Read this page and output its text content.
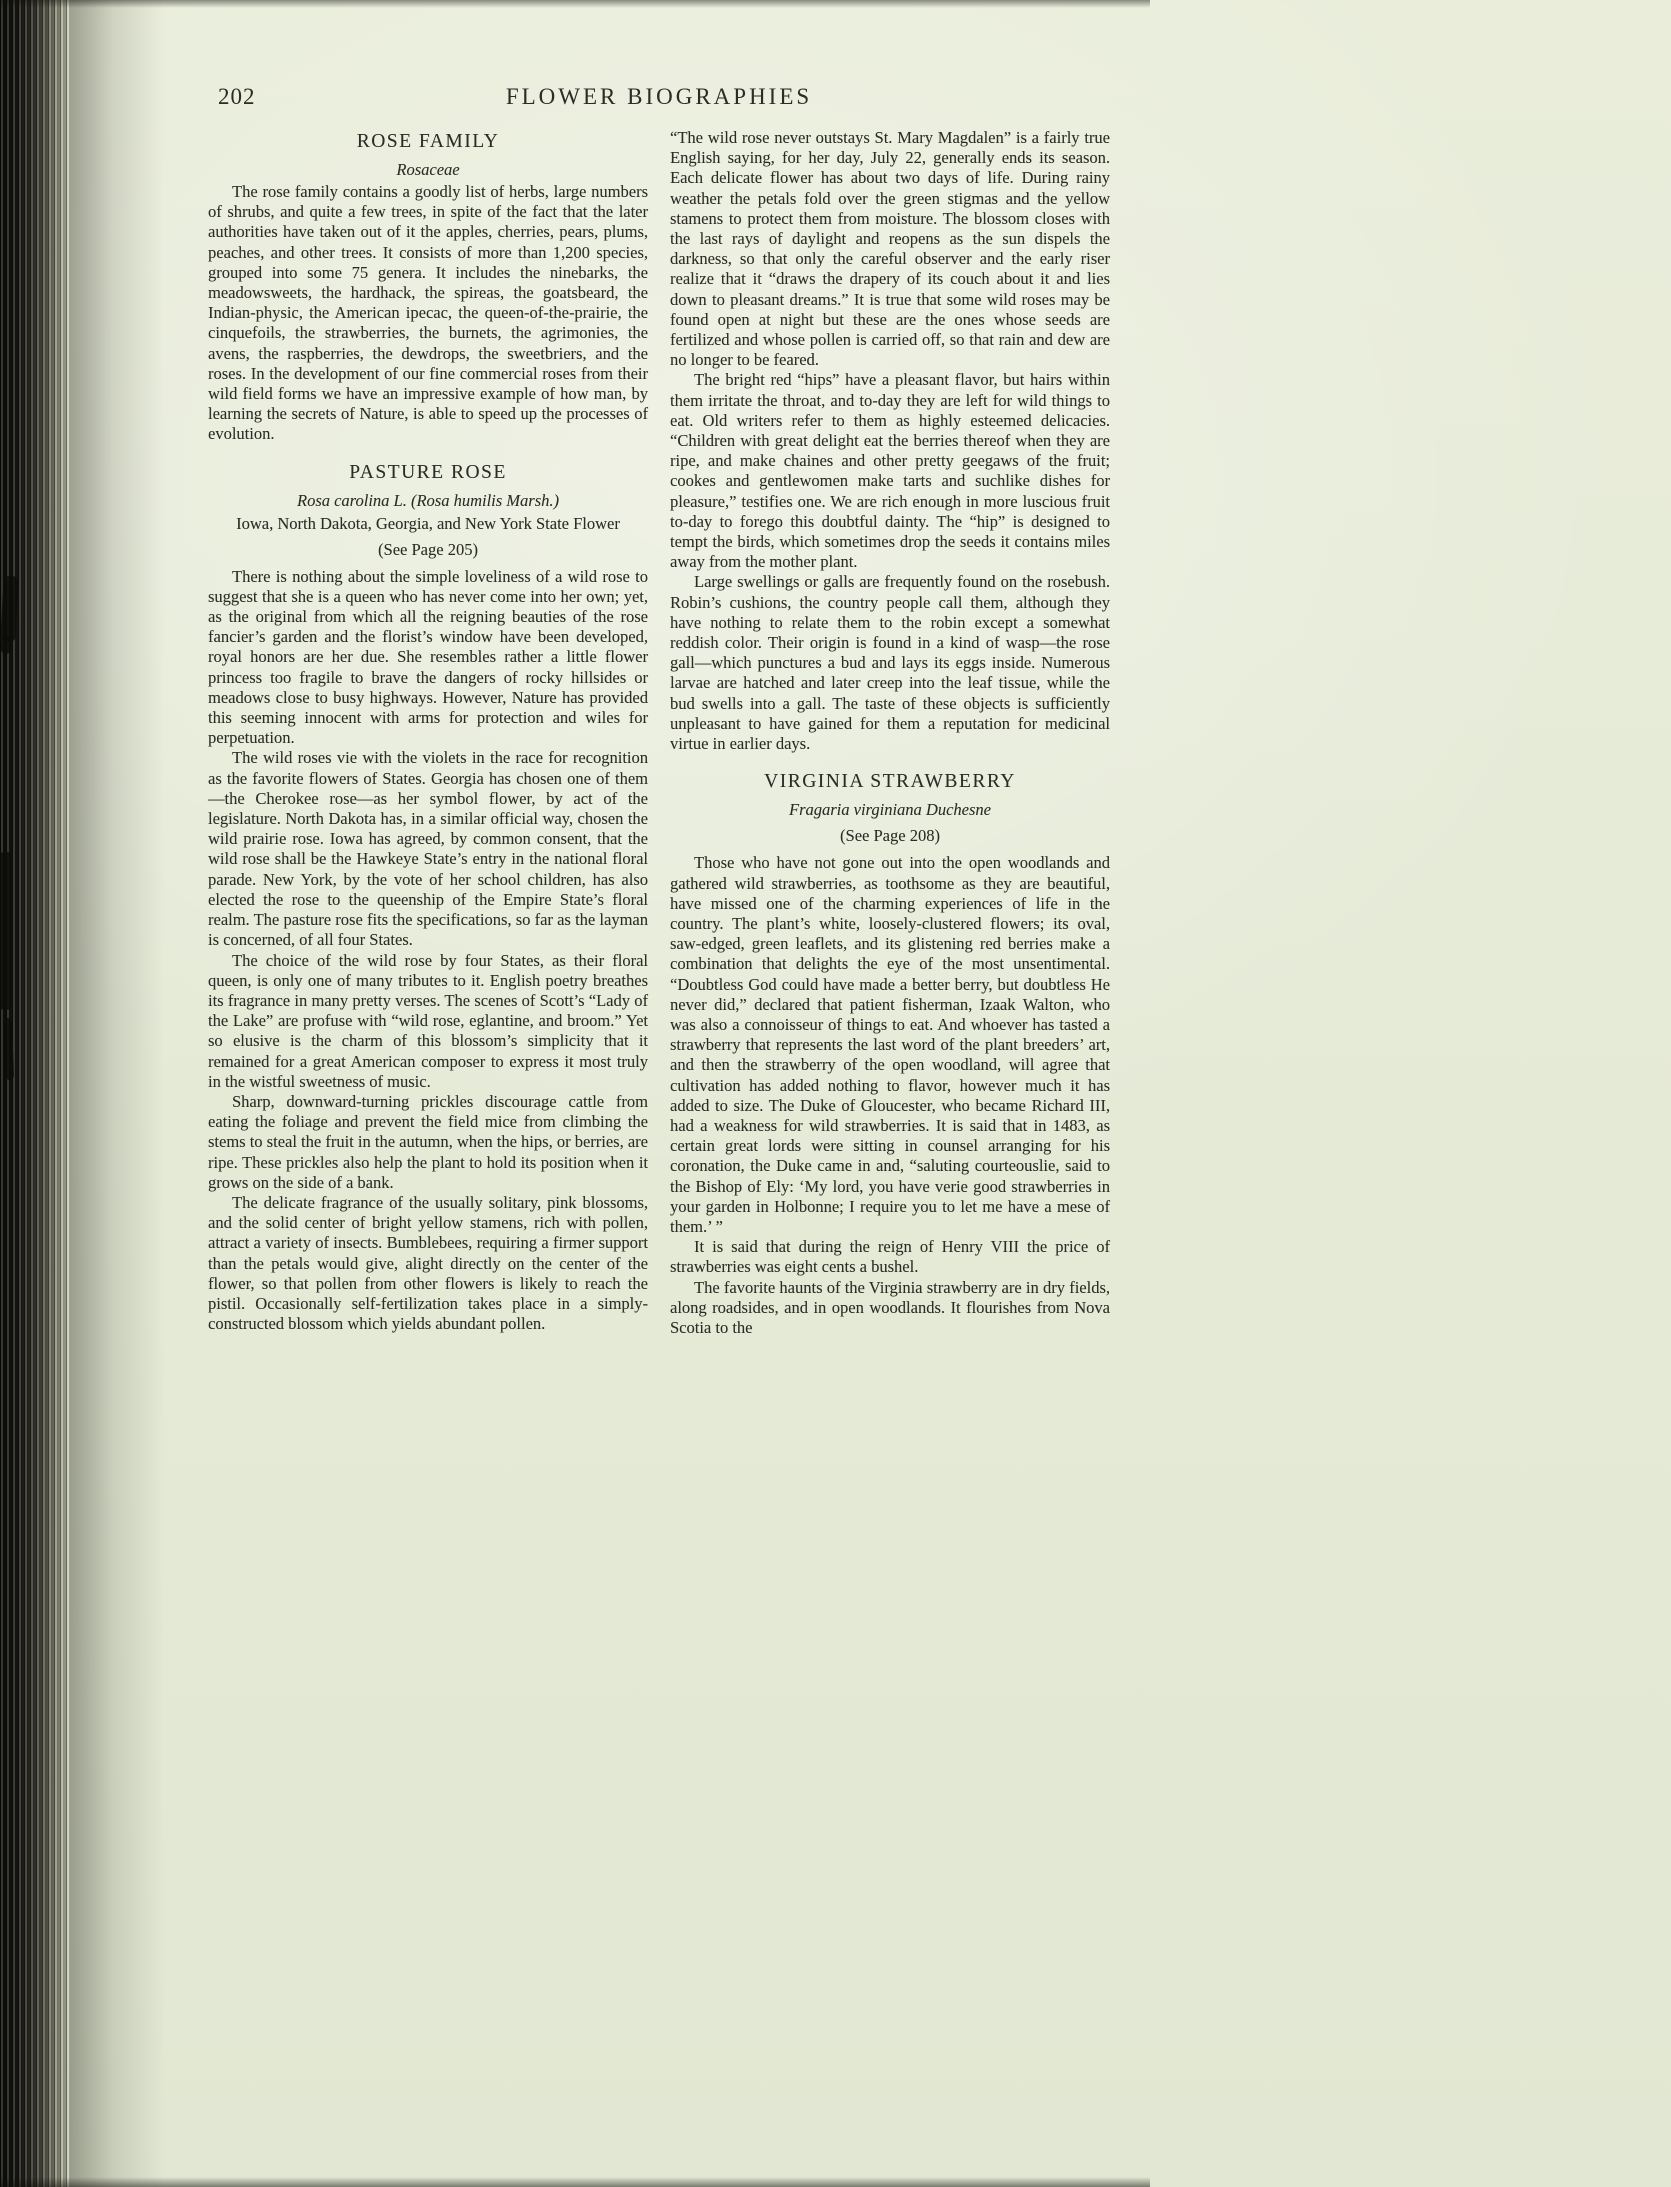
202	FLOWER BIOGRAPHIES
ROSE FAMILY
Rosaceae

The rose family contains a goodly list of herbs, large numbers of shrubs, and quite a few trees, in spite of the fact that the later authorities have taken out of it the apples, cherries, pears, plums, peaches, and other trees. It consists of more than 1,200 species, grouped into some 75 genera. It includes the ninebarks, the meadowsweets, the hardhack, the spireas, the goatsbeard, the Indian-physic, the American ipecac, the queen-of-the-prairie, the cinquefoils, the strawberries, the burnets, the agrimonies, the avens, the raspberries, the dewdrops, the sweetbriers, and the roses. In the development of our fine commercial roses from their wild field forms we have an impressive example of how man, by learning the secrets of Nature, is able to speed up the processes of evolution.

PASTURE ROSE
Rosa carolina L. (Rosa humilis Marsh.)
Iowa, North Dakota, Georgia, and New York State Flower
(See Page 205)

There is nothing about the simple loveliness of a wild rose to suggest that she is a queen who has never come into her own; yet, as the original from which all the reigning beauties of the rose fancier’s garden and the florist’s window have been developed, royal honors are her due. She resembles rather a little flower princess too fragile to brave the dangers of rocky hillsides or meadows close to busy highways. However, Nature has provided this seeming innocent with arms for protection and wiles for perpetuation.

The wild roses vie with the violets in the race for recognition as the favorite flowers of States. Georgia has chosen one of them—the Cherokee rose—as her symbol flower, by act of the legislature. North Dakota has, in a similar official way, chosen the wild prairie rose. Iowa has agreed, by common consent, that the wild rose shall be the Hawkeye State’s entry in the national floral parade. New York, by the vote of her school children, has also elected the rose to the queenship of the Empire State’s floral realm. The pasture rose fits the specifications, so far as the layman is concerned, of all four States.

The choice of the wild rose by four States, as their floral queen, is only one of many tributes to it. English poetry breathes its fragrance in many pretty verses. The scenes of Scott’s “Lady of the Lake” are profuse with “wild rose, eglantine, and broom.” Yet so elusive is the charm of this blossom’s simplicity that it remained for a great American composer to express it most truly in the wistful sweetness of music.

Sharp, downward-turning prickles discourage cattle from eating the foliage and prevent the field mice from climbing the stems to steal the fruit in the autumn, when the hips, or berries, are ripe. These prickles also help the plant to hold its position when it grows on the side of a bank.

The delicate fragrance of the usually solitary, pink blossoms, and the solid center of bright yellow stamens, rich with pollen, attract a variety of insects. Bumblebees, requiring a firmer support than the petals would give, alight directly on the center of the flower, so that pollen from other flowers is likely to reach the pistil. Occasionally self-fertilization takes place in a simply-constructed blossom which yields abundant pollen.

“The wild rose never outstays St. Mary Magdalen” is a fairly true English saying, for her day, July 22, generally ends its season. Each delicate flower has about two days of life. During rainy weather the petals fold over the green stigmas and the yellow stamens to protect them from moisture. The blossom closes with the last rays of daylight and reopens as the sun dispels the darkness, so that only the careful observer and the early riser realize that it “draws the drapery of its couch about it and lies down to pleasant dreams.” It is true that some wild roses may be found open at night but these are the ones whose seeds are fertilized and whose pollen is carried off, so that rain and dew are no longer to be feared.

The bright red “hips” have a pleasant flavor, but hairs within them irritate the throat, and to-day they are left for wild things to eat. Old writers refer to them as highly esteemed delicacies. “Children with great delight eat the berries thereof when they are ripe, and make chaines and other pretty geegaws of the fruit; cookes and gentlewomen make tarts and suchlike dishes for pleasure,” testifies one. We are rich enough in more luscious fruit to-day to forego this doubtful dainty. The “hip” is designed to tempt the birds, which sometimes drop the seeds it contains miles away from the mother plant.

Large swellings or galls are frequently found on the rosebush. Robin’s cushions, the country people call them, although they have nothing to relate them to the robin except a somewhat reddish color. Their origin is found in a kind of wasp—the rose gall—which punctures a bud and lays its eggs inside. Numerous larvae are hatched and later creep into the leaf tissue, while the bud swells into a gall. The taste of these objects is sufficiently unpleasant to have gained for them a reputation for medicinal virtue in earlier days.

VIRGINIA STRAWBERRY
Fragaria virginiana Duchesne
(See Page 208)

Those who have not gone out into the open woodlands and gathered wild strawberries, as toothsome as they are beautiful, have missed one of the charming experiences of life in the country. The plant’s white, loosely-clustered flowers; its oval, saw-edged, green leaflets, and its glistening red berries make a combination that delights the eye of the most unsentimental. “Doubtless God could have made a better berry, but doubtless He never did,” declared that patient fisherman, Izaak Walton, who was also a connoisseur of things to eat. And whoever has tasted a strawberry that represents the last word of the plant breeders’ art, and then the strawberry of the open woodland, will agree that cultivation has added nothing to flavor, however much it has added to size. The Duke of Gloucester, who became Richard III, had a weakness for wild strawberries. It is said that in 1483, as certain great lords were sitting in counsel arranging for his coronation, the Duke came in and, “saluting courteouslie, said to the Bishop of Ely: ‘My lord, you have verie good strawberries in your garden in Holbonne; I require you to let me have a mese of them.’ ”

It is said that during the reign of Henry VIII the price of strawberries was eight cents a bushel.

The favorite haunts of the Virginia strawberry are in dry fields, along roadsides, and in open woodlands. It flourishes from Nova Scotia to the
